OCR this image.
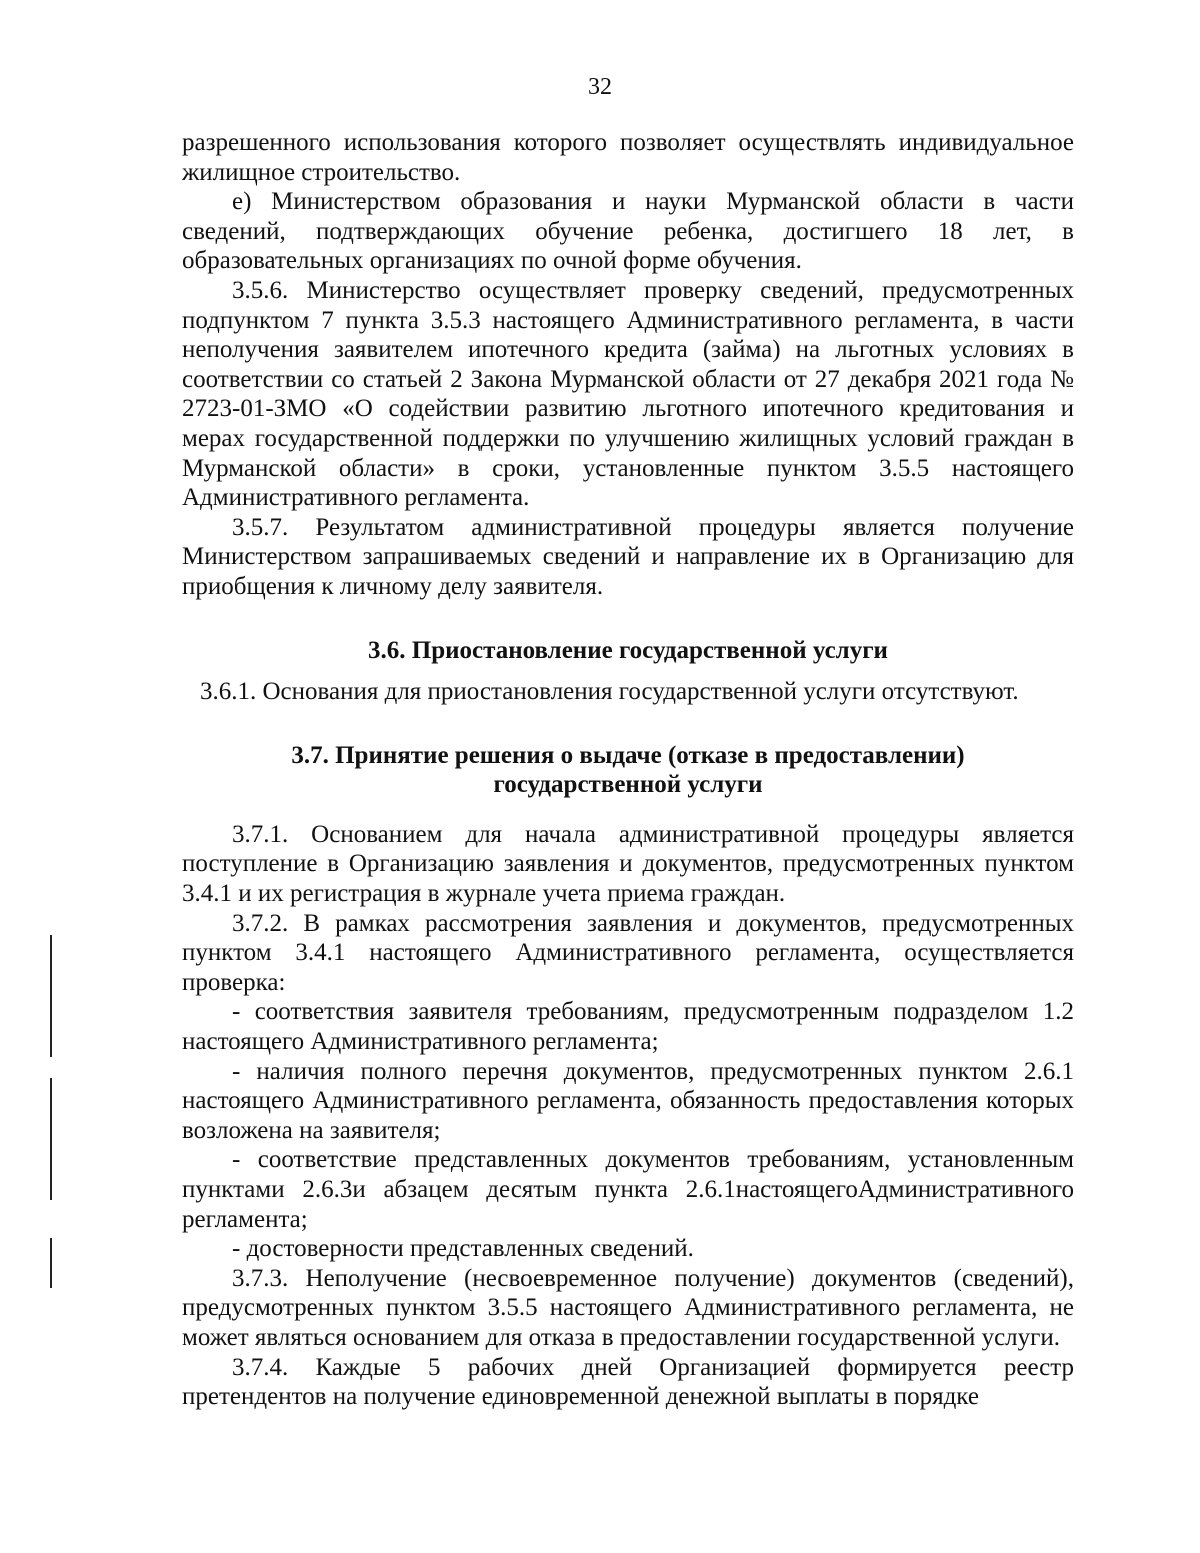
32

разрешенного использования которого позволяет осуществлять индивидуальное жилищное строительство.

е) Министерством образования и науки Мурманской области в части сведений, подтверждающих обучение ребенка, достигшего 18 лет, в образовательных организациях по очной форме обучения.

3.5.6. Министерство осуществляет проверку сведений, предусмотренных подпунктом 7 пункта 3.5.3 настоящего Административного регламента, в части неполучения заявителем ипотечного кредита (займа) на льготных условиях в соответствии со статьей 2 Закона Мурманской области от 27 декабря 2021 года № 2723-01-ЗМО «О содействии развитию льготного ипотечного кредитования и мерах государственной поддержки по улучшению жилищных условий граждан в Мурманской области» в сроки, установленные пунктом 3.5.5 настоящего Административного регламента.

3.5.7. Результатом административной процедуры является получение Министерством запрашиваемых сведений и направление их в Организацию для приобщения к личному делу заявителя.

3.6. Приостановление государственной услуги

3.6.1. Основания для приостановления государственной услуги отсутствуют.

3.7. Принятие решения о выдаче (отказе в предоставлении)

государственной услуги

3.7.1. Основанием для начала административной процедуры является поступление в Организацию заявления и документов, предусмотренных пунктом 3.4.1 и их регистрация в журнале учета приема граждан.

3.7.2. В рамках рассмотрения заявления и документов, предусмотренных пунктом 3.4.1 настоящего Административного регламента, осуществляется проверка:

- соответствия заявителя требованиям, предусмотренным подразделом 1.2 настоящего Административного регламента;

- наличия полного перечня документов, предусмотренных пунктом 2.6.1 настоящего Административного регламента, обязанность предоставления которых возложена на заявителя;

- соответствие представленных документов требованиям, установленным пунктами 2.6.3и абзацем десятым пункта 2.6.1настоящегоАдминистративного регламента;

- достоверности представленных сведений.

3.7.3. Неполучение (несвоевременное получение) документов (сведений), предусмотренных пунктом 3.5.5 настоящего Административного регламента, не может являться основанием для отказа в предоставлении государственной услуги.

3.7.4. Каждые 5 рабочих дней Организацией формируется реестр претендентов на получение единовременной денежной выплаты в порядке
